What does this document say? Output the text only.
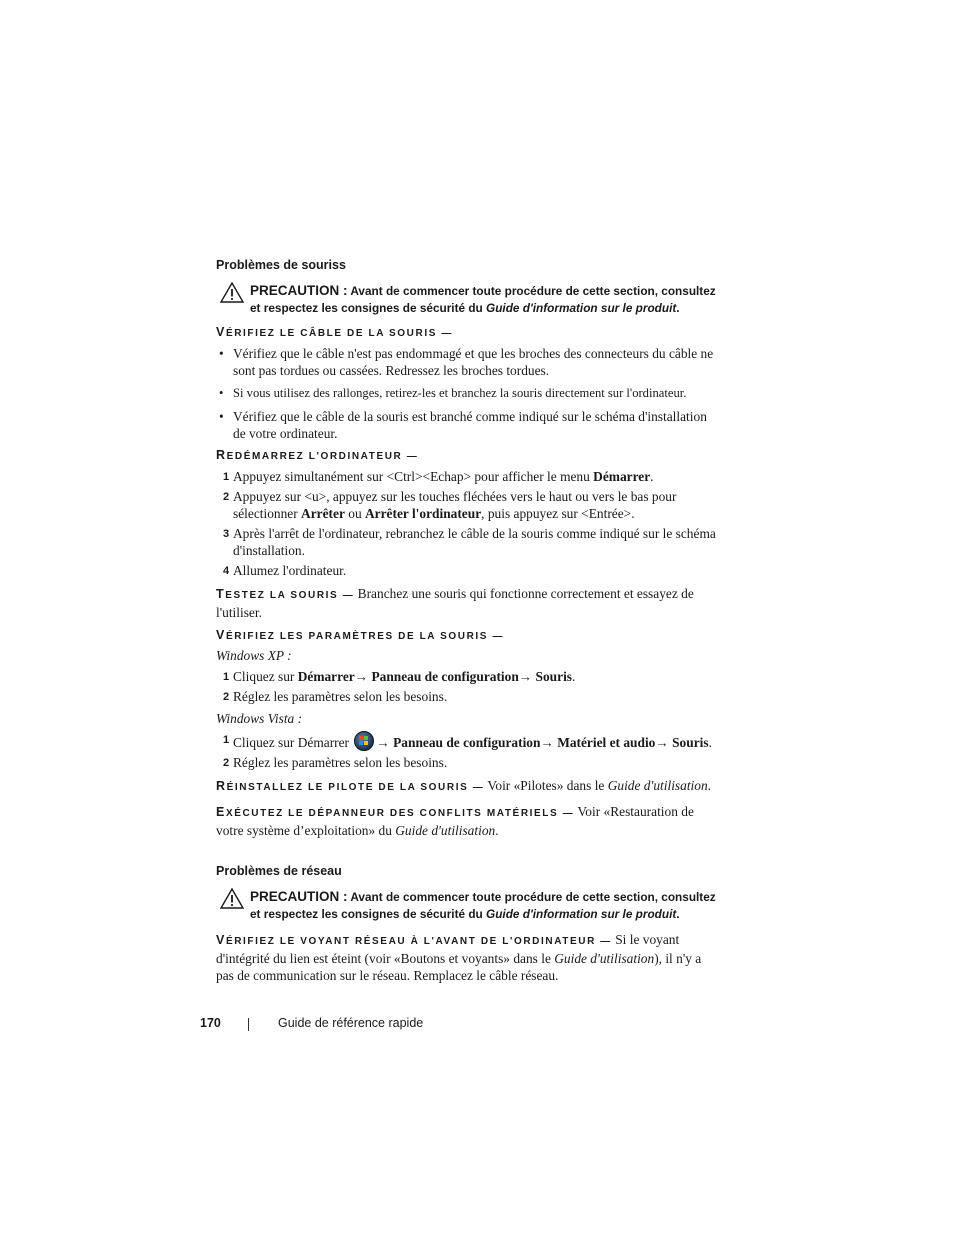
Problèmes de souriss
PRECAUTION : Avant de commencer toute procédure de cette section, consultez et respectez les consignes de sécurité du Guide d'information sur le produit.
VÉRIFIEZ LE CÂBLE DE LA SOURIS —
• Vérifiez que le câble n'est pas endommagé et que les broches des connecteurs du câble ne sont pas tordues ou cassées. Redressez les broches tordues.
• Si vous utilisez des rallonges, retirez-les et branchez la souris directement sur l'ordinateur.
• Vérifiez que le câble de la souris est branché comme indiqué sur le schéma d'installation de votre ordinateur.
REDÉMARREZ L'ORDINATEUR —
1 Appuyez simultanément sur <Ctrl><Echap> pour afficher le menu Démarrer.
2 Appuyez sur <u>, appuyez sur les touches fléchées vers le haut ou vers le bas pour sélectionner Arrêter ou Arrêter l'ordinateur, puis appuyez sur <Entrée>.
3 Après l'arrêt de l'ordinateur, rebranchez le câble de la souris comme indiqué sur le schéma d'installation.
4 Allumez l'ordinateur.
TESTEZ LA SOURIS — Branchez une souris qui fonctionne correctement et essayez de l'utiliser.
VÉRIFIEZ LES PARAMÈTRES DE LA SOURIS —
Windows XP :
1 Cliquez sur Démarrer→ Panneau de configuration→ Souris.
2 Réglez les paramètres selon les besoins.
Windows Vista :
1 Cliquez sur Démarrer → Panneau de configuration→ Matériel et audio→ Souris.
2 Réglez les paramètres selon les besoins.
RÉINSTALLEZ LE PILOTE DE LA SOURIS — Voir «Pilotes» dans le Guide d'utilisation.
EXÉCUTEZ LE DÉPANNEUR DES CONFLITS MATÉRIELS — Voir «Restauration de votre système d’exploitation» du Guide d'utilisation.
Problèmes de réseau
PRECAUTION : Avant de commencer toute procédure de cette section, consultez et respectez les consignes de sécurité du Guide d'information sur le produit.
VÉRIFIEZ LE VOYANT RÉSEAU À L'AVANT DE L'ORDINATEUR — Si le voyant d'intégrité du lien est éteint (voir «Boutons et voyants» dans le Guide d'utilisation), il n'y a pas de communication sur le réseau. Remplacez le câble réseau.
170	Guide de référence rapide
